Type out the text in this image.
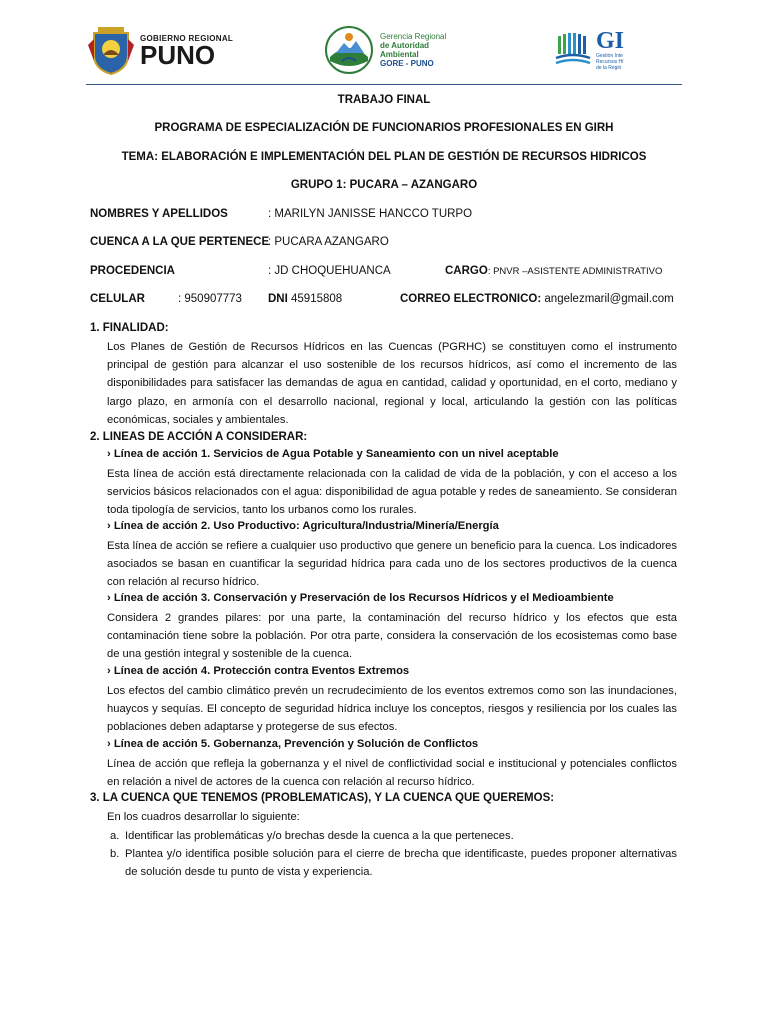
GOBIERNO REGIONAL
PUNO
Gerencia Regional
de Autoridad
Ambiental
GORE - PUNO
GI
Gestión Inte
Recursos Hí
de la Regió
TRABAJO FINAL
PROGRAMA DE ESPECIALIZACIÓN DE FUNCIONARIOS PROFESIONALES EN GIRH
TEMA: ELABORACIÓN E IMPLEMENTACIÓN DEL PLAN DE GESTIÓN DE RECURSOS HIDRICOS
GRUPO 1: PUCARA – AZANGARO
NOMBRES Y APELLIDOS	: MARILYN JANISSE HANCCO TURPO
CUENCA A LA QUE PERTENECE
: PUCARA AZANGARO
PROCEDENCIA	: JD CHOQUEHUANCA	CARGO: PNVR –ASISTENTE ADMINISTRATIVO
CELULAR	: 950907773 DNI 45915808	CORREO ELECTRONICO: angelezmaril@gmail.com
1. FINALIDAD:
Los Planes de Gestión de Recursos Hídricos en las Cuencas (PGRHC) se constituyen como el instrumento principal de gestión para alcanzar el uso sostenible de los recursos hídricos, así como el incremento de las disponibilidades para satisfacer las demandas de agua en cantidad, calidad y oportunidad, en el corto, mediano y largo plazo, en armonía con el desarrollo nacional, regional y local, articulando la gestión con las políticas económicas, sociales y ambientales.
2. LINEAS DE ACCIÓN A CONSIDERAR:
› Línea de acción 1. Servicios de Agua Potable y Saneamiento con un nivel aceptable
Esta línea de acción está directamente relacionada con la calidad de vida de la población, y con el acceso a los servicios básicos relacionados con el agua: disponibilidad de agua potable y redes de saneamiento. Se consideran toda tipología de servicios, tanto los urbanos como los rurales.
› Línea de acción 2. Uso Productivo: Agricultura/Industria/Minería/Energía
Esta línea de acción se refiere a cualquier uso productivo que genere un beneficio para la cuenca. Los indicadores asociados se basan en cuantificar la seguridad hídrica para cada uno de los sectores productivos de la cuenca con relación al recurso hídrico.
› Línea de acción 3. Conservación y Preservación de los Recursos Hídricos y el Medioambiente
Considera 2 grandes pilares: por una parte, la contaminación del recurso hídrico y los efectos que esta contaminación tiene sobre la población. Por otra parte, considera la conservación de los ecosistemas como base de una gestión integral y sostenible de la cuenca.
› Línea de acción 4. Protección contra Eventos Extremos
Los efectos del cambio climático prevén un recrudecimiento de los eventos extremos como son las inundaciones, huaycos y sequías. El concepto de seguridad hídrica incluye los conceptos, riesgos y resiliencia por los cuales las poblaciones deben adaptarse y protegerse de sus efectos.
› Línea de acción 5. Gobernanza, Prevención y Solución de Conflictos
Línea de acción que refleja la gobernanza y el nivel de conflictividad social e institucional y potenciales conflictos en relación a nivel de actores de la cuenca con relación al recurso hídrico.
3. LA CUENCA QUE TENEMOS (PROBLEMATICAS), Y LA CUENCA QUE QUEREMOS:
En los cuadros desarrollar lo siguiente:
a. Identificar las problemáticas y/o brechas desde la cuenca a la que perteneces.
b. Plantea y/o identifica posible solución para el cierre de brecha que identificaste, puedes proponer alternativas de solución desde tu punto de vista y experiencia.
